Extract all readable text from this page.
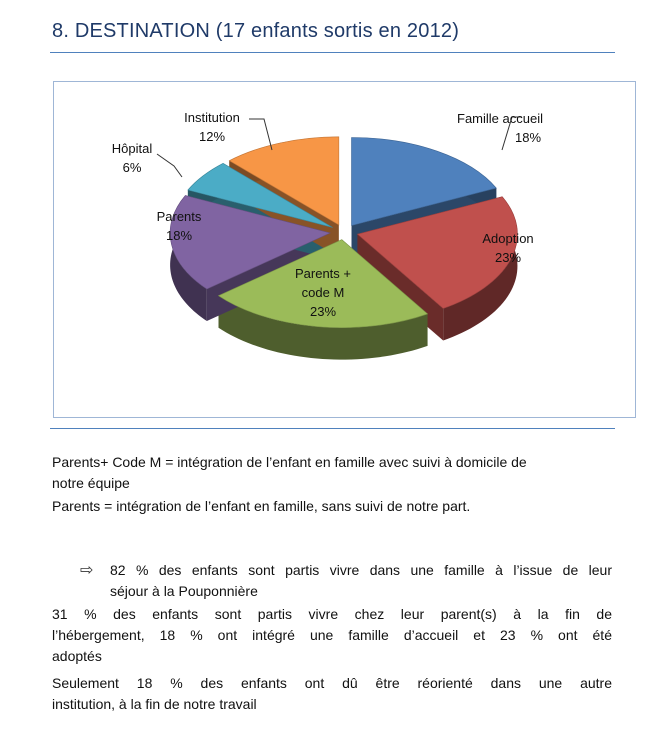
8. DESTINATION (17 enfants sortis en 2012)
Famille accueil
18%
Adoption
23%
Parents +
code M
23%
Parents
18%
Hôpital
6%
Institution
12%
Parents+ Code M = intégration de l’enfant en famille avec suivi à domicile de
notre équipe
Parents = intégration de l’enfant en famille, sans suivi de notre part.
⇨ 82 % des enfants sont partis vivre dans une famille à l’issue de leur
séjour à la Pouponnière
31 % des enfants sont partis vivre chez leur parent(s) à la fin de
l’hébergement, 18 % ont intégré une famille d’accueil et 23 % ont été
adoptés
Seulement 18 % des enfants ont dû être réorienté dans une autre
institution, à la fin de notre travail
